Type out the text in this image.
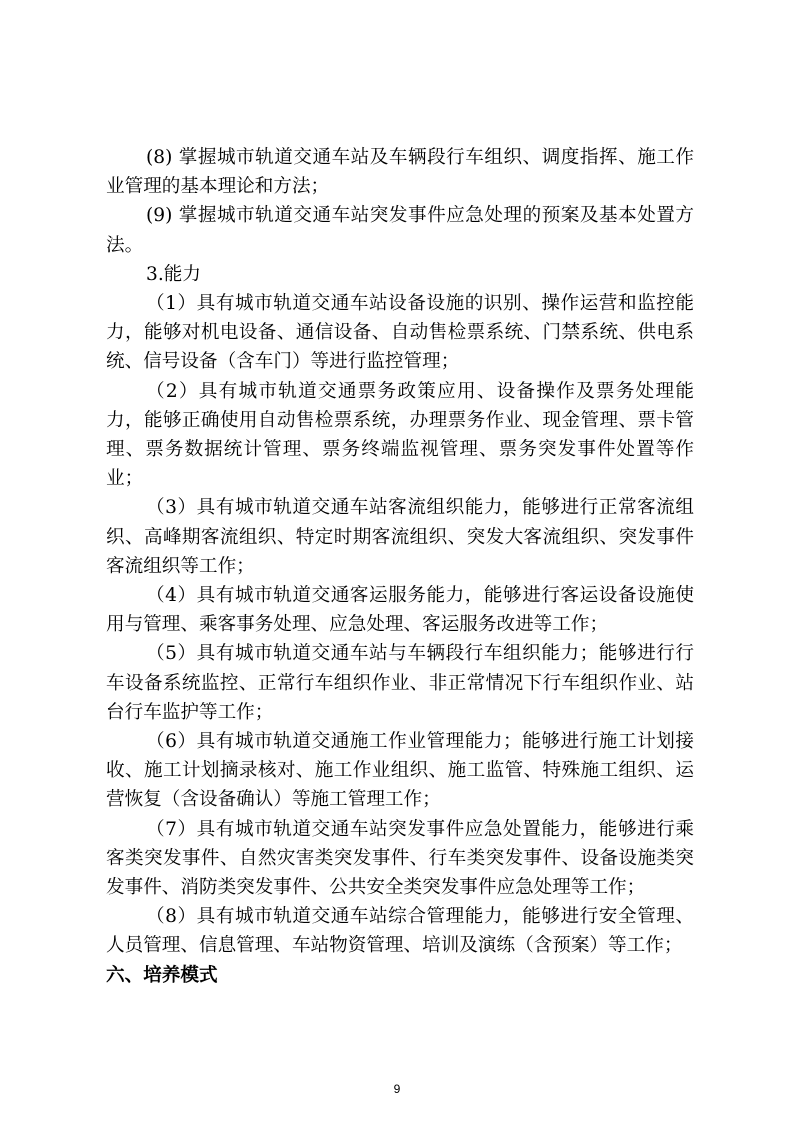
(8) 掌握城市轨道交通车站及车辆段行车组织、调度指挥、施工作业管理的基本理论和方法；

(9) 掌握城市轨道交通车站突发事件应急处理的预案及基本处置方法。

3.能力

（1）具有城市轨道交通车站设备设施的识别、操作运营和监控能力，能够对机电设备、通信设备、自动售检票系统、门禁系统、供电系统、信号设备（含车门）等进行监控管理；

（2）具有城市轨道交通票务政策应用、设备操作及票务处理能力，能够正确使用自动售检票系统，办理票务作业、现金管理、票卡管理、票务数据统计管理、票务终端监视管理、票务突发事件处置等作业；

（3）具有城市轨道交通车站客流组织能力，能够进行正常客流组织、高峰期客流组织、特定时期客流组织、突发大客流组织、突发事件客流组织等工作；

（4）具有城市轨道交通客运服务能力，能够进行客运设备设施使用与管理、乘客事务处理、应急处理、客运服务改进等工作；

（5）具有城市轨道交通车站与车辆段行车组织能力；能够进行行车设备系统监控、正常行车组织作业、非正常情况下行车组织作业、站台行车监护等工作；

（6）具有城市轨道交通施工作业管理能力；能够进行施工计划接收、施工计划摘录核对、施工作业组织、施工监管、特殊施工组织、运营恢复（含设备确认）等施工管理工作；

（7）具有城市轨道交通车站突发事件应急处置能力，能够进行乘客类突发事件、自然灾害类突发事件、行车类突发事件、设备设施类突发事件、消防类突发事件、公共安全类突发事件应急处理等工作；

（8）具有城市轨道交通车站综合管理能力，能够进行安全管理、人员管理、信息管理、车站物资管理、培训及演练（含预案）等工作；

六、培养模式
9
